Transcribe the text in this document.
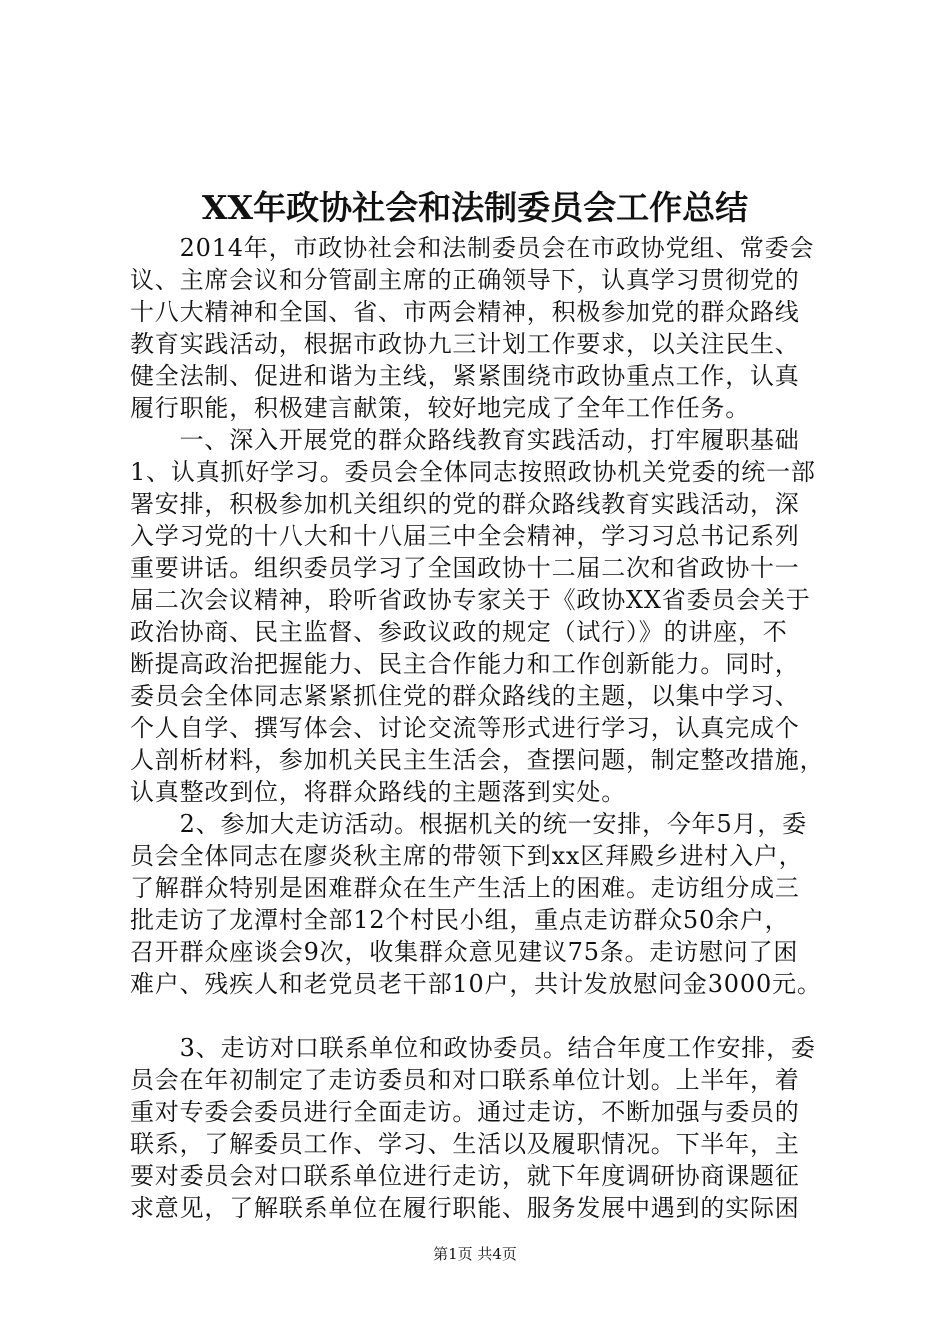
XX年政协社会和法制委员会工作总结
　　2014年，市政协社会和法制委员会在市政协党组、常委会
议、主席会议和分管副主席的正确领导下，认真学习贯彻党的
十八大精神和全国、省、市两会精神，积极参加党的群众路线
教育实践活动，根据市政协九三计划工作要求，以关注民生、
健全法制、促进和谐为主线，紧紧围绕市政协重点工作，认真
履行职能，积极建言献策，较好地完成了全年工作任务。
　　一、深入开展党的群众路线教育实践活动，打牢履职基础
1、认真抓好学习。委员会全体同志按照政协机关党委的统一部
署安排，积极参加机关组织的党的群众路线教育实践活动，深
入学习党的十八大和十八届三中全会精神，学习习总书记系列
重要讲话。组织委员学习了全国政协十二届二次和省政协十一
届二次会议精神，聆听省政协专家关于《政协XX省委员会关于
政治协商、民主监督、参政议政的规定（试行）》的讲座，不
断提高政治把握能力、民主合作能力和工作创新能力。同时，
委员会全体同志紧紧抓住党的群众路线的主题，以集中学习、
个人自学、撰写体会、讨论交流等形式进行学习，认真完成个
人剖析材料，参加机关民主生活会，查摆问题，制定整改措施，
认真整改到位，将群众路线的主题落到实处。
　　2、参加大走访活动。根据机关的统一安排，今年5月，委
员会全体同志在廖炎秋主席的带领下到xx区拜殿乡进村入户，
了解群众特别是困难群众在生产生活上的困难。走访组分成三
批走访了龙潭村全部12个村民小组，重点走访群众50余户，
召开群众座谈会9次，收集群众意见建议75条。走访慰问了困
难户、残疾人和老党员老干部10户，共计发放慰问金3000元。
　　3、走访对口联系单位和政协委员。结合年度工作安排，委
员会在年初制定了走访委员和对口联系单位计划。上半年，着
重对专委会委员进行全面走访。通过走访，不断加强与委员的
联系，了解委员工作、学习、生活以及履职情况。下半年，主
要对委员会对口联系单位进行走访，就下年度调研协商课题征
求意见，了解联系单位在履行职能、服务发展中遇到的实际困
第1页 共4页
